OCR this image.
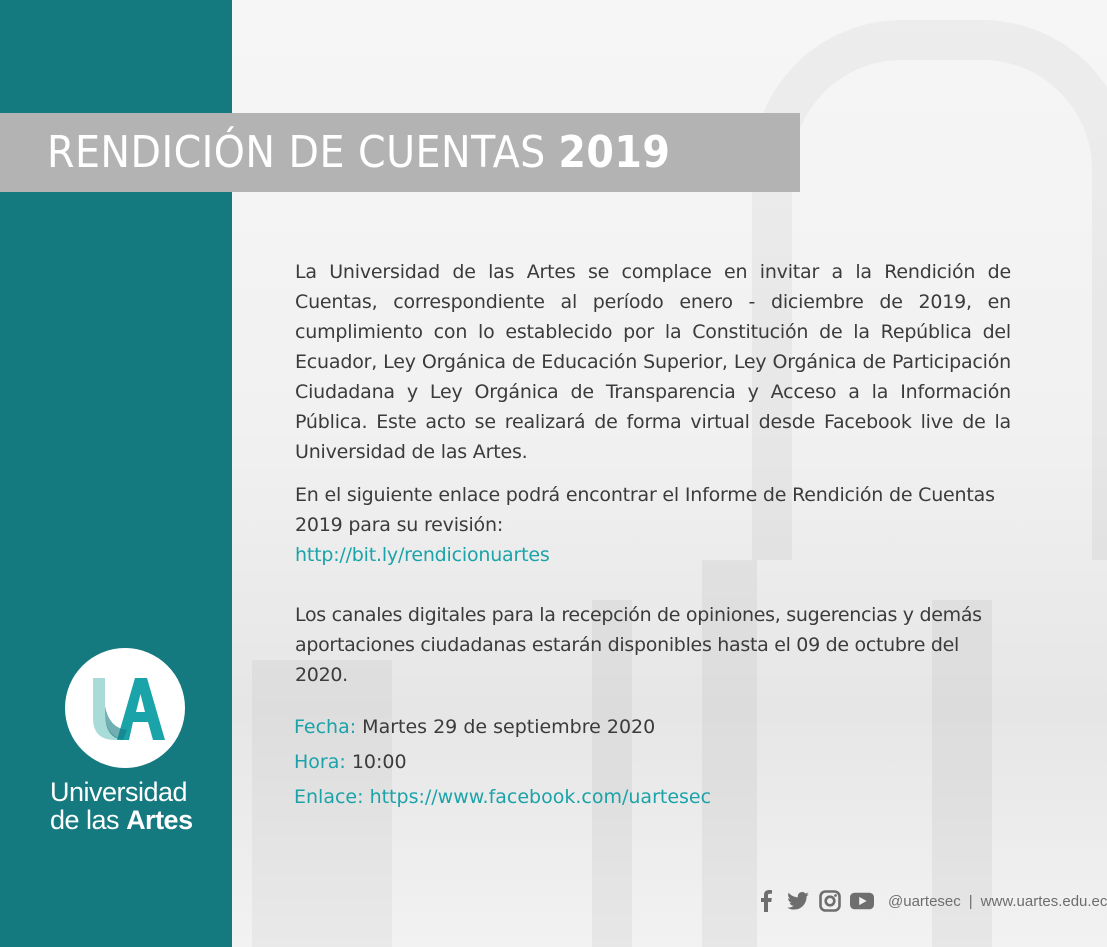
RENDICIÓN DE CUENTAS 2019
La Universidad de las Artes se complace en invitar a la Rendición de Cuentas, correspondiente al período enero - diciembre de 2019, en cumplimiento con lo establecido por la Constitución de la República del Ecuador, Ley Orgánica de Educación Superior, Ley Orgánica de Participación Ciudadana y Ley Orgánica de Transparencia y Acceso a la Información Pública. Este acto se realizará de forma virtual desde Facebook live de la Universidad de las Artes.
En el siguiente enlace podrá encontrar el Informe de Rendición de Cuentas
2019 para su revisión:
http://bit.ly/rendicionuartes
Los canales digitales para la recepción de opiniones, sugerencias y demás
aportaciones ciudadanas estarán disponibles hasta el 09 de octubre del 2020.
Fecha: Martes 29 de septiembre 2020
Hora: 10:00
Enlace: https://www.facebook.com/uartesec
Universidad
de las Artes
@uartesec | www.uartes.edu.ec
